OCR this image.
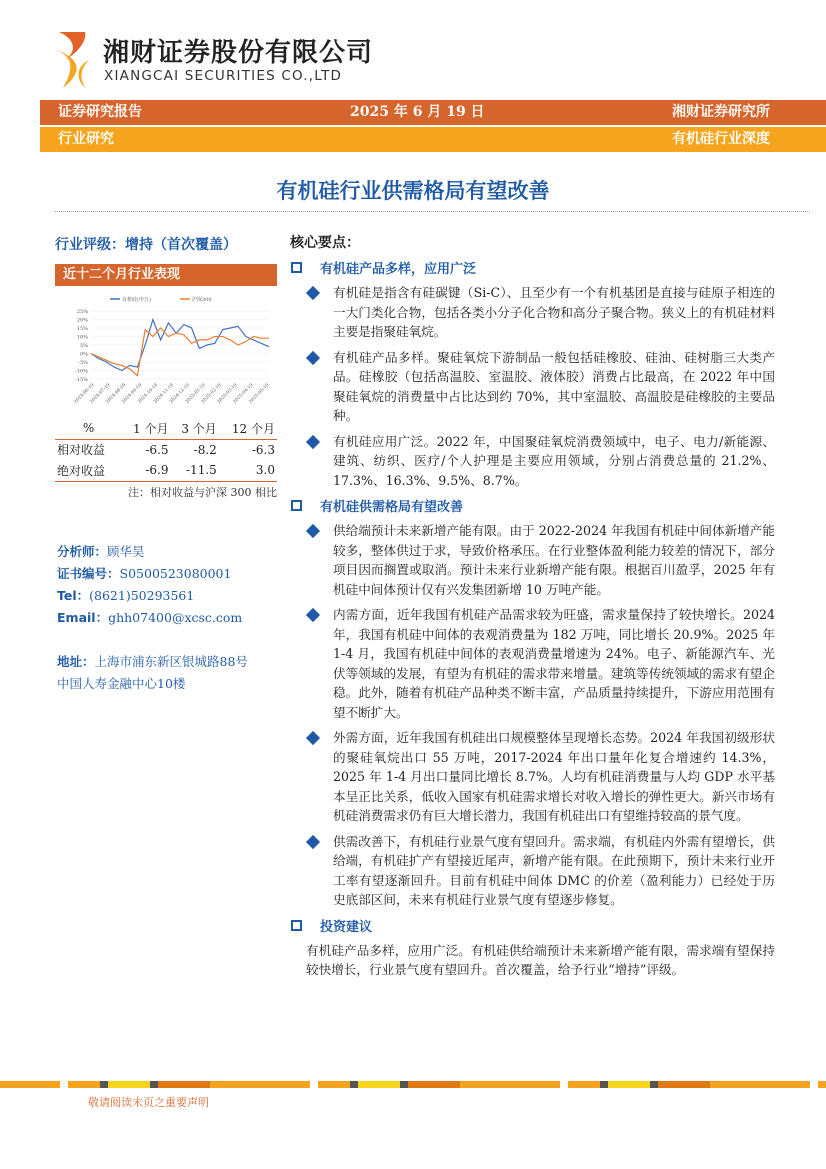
湘财证券股份有限公司
XIANGCAI SECURITIES CO.,LTD
证券研究报告	2025 年 6 月 19 日	湘财证券研究所
行业研究	有机硅行业深度
有机硅行业供需格局有望改善
行业评级：增持（首次覆盖）
近十二个月行业表现
25%
20%
15%
10%
5%
0%
-5%
-10%
-15%
2024-06-19
2024-07-19
2024-08-19
2024-09-19
2024-10-19
2024-11-19
2024-12-19
2025-01-19
2025-02-19
2025-03-19
2025-04-19
2025-05-19
有机硅(申万)	沪深300
%	1 个月	3 个月	12 个月
相对收益	-6.5	-8.2	-6.3
绝对收益	-6.9	-11.5	3.0
注：相对收益与沪深 300 相比
分析师：顾华昊
证书编号：S0500523080001
Tel：(8621)50293561
Email：ghh07400@xcsc.com
地址：上海市浦东新区银城路88号
中国人寿金融中心10楼
核心要点：
有机硅产品多样，应用广泛

有机硅是指含有硅碳键（Si-C）、且至少有一个有机基团是直接与硅原子相连的一大门类化合物，包括各类小分子化合物和高分子聚合物。狭义上的有机硅材料主要是指聚硅氧烷。

有机硅产品多样。聚硅氧烷下游制品一般包括硅橡胶、硅油、硅树脂三大类产品。硅橡胶（包括高温胶、室温胶、液体胶）消费占比最高，在 2022 年中国聚硅氧烷的消费量中占比达到约 70%，其中室温胶、高温胶是硅橡胶的主要品种。

有机硅应用广泛。2022 年，中国聚硅氧烷消费领域中，电子、电力/新能源、建筑、纺织、医疗/个人护理是主要应用领域，分别占消费总量的 21.2%、17.3%、16.3%、9.5%、8.7%。

有机硅供需格局有望改善

供给端预计未来新增产能有限。由于 2022-2024 年我国有机硅中间体新增产能较多，整体供过于求，导致价格承压。在行业整体盈利能力较差的情况下，部分项目因而搁置或取消。预计未来行业新增产能有限。根据百川盈孚，2025 年有机硅中间体预计仅有兴发集团新增 10 万吨产能。

内需方面，近年我国有机硅产品需求较为旺盛，需求量保持了较快增长。2024 年，我国有机硅中间体的表观消费量为 182 万吨，同比增长 20.9%。2025 年 1-4 月，我国有机硅中间体的表观消费量增速为 24%。电子、新能源汽车、光伏等领域的发展，有望为有机硅的需求带来增量。建筑等传统领域的需求有望企稳。此外，随着有机硅产品种类不断丰富，产品质量持续提升，下游应用范围有望不断扩大。

外需方面，近年我国有机硅出口规模整体呈现增长态势。2024 年我国初级形状的聚硅氧烷出口 55 万吨，2017-2024 年出口量年化复合增速约 14.3%，2025 年 1-4 月出口量同比增长 8.7%。人均有机硅消费量与人均 GDP 水平基本呈正比关系，低收入国家有机硅需求增长对收入增长的弹性更大。新兴市场有机硅消费需求仍有巨大增长潜力，我国有机硅出口有望维持较高的景气度。

供需改善下，有机硅行业景气度有望回升。需求端，有机硅内外需有望增长，供给端，有机硅扩产有望接近尾声，新增产能有限。在此预期下，预计未来行业开工率有望逐渐回升。目前有机硅中间体 DMC 的价差（盈利能力）已经处于历史底部区间，未来有机硅行业景气度有望逐步修复。

投资建议

有机硅产品多样，应用广泛。有机硅供给端预计未来新增产能有限，需求端有望保持较快增长，行业景气度有望回升。首次覆盖，给予行业“增持”评级。

敬请阅读末页之重要声明
